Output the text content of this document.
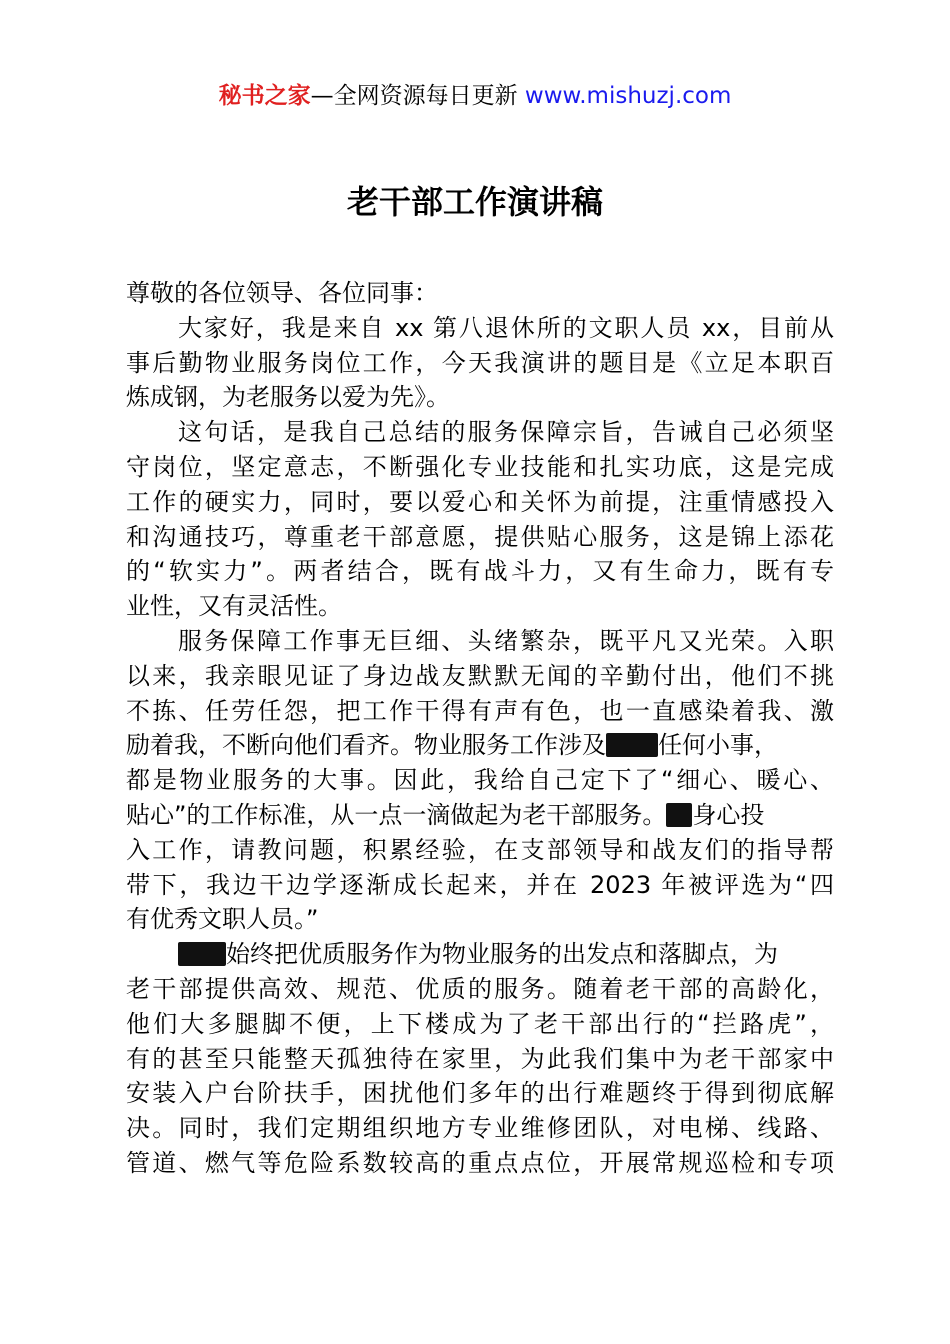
秘书之家—全网资源每日更新 www.mishuzj.com
老干部工作演讲稿
尊敬的各位领导、各位同事：
大家好，我是来自 xx 第八退休所的文职人员 xx，目前从
事后勤物业服务岗位工作，今天我演讲的题目是《立足本职百
炼成钢，为老服务以爱为先》。
这句话，是我自己总结的服务保障宗旨，告诫自己必须坚
守岗位，坚定意志，不断强化专业技能和扎实功底，这是完成
工作的硬实力，同时，要以爱心和关怀为前提，注重情感投入
和沟通技巧，尊重老干部意愿，提供贴心服务，这是锦上添花
的“软实力”。两者结合，既有战斗力，又有生命力，既有专
业性，又有灵活性。
服务保障工作事无巨细、头绪繁杂，既平凡又光荣。入职
以来，我亲眼见证了身边战友默默无闻的辛勤付出，他们不挑
不拣、任劳任怨，把工作干得有声有色，也一直感染着我、激
励着我，不断向他们看齐。物业服务工作涉及 任何小事，
都是物业服务的大事。因此，我给自己定下了“细心、暖心、
贴心”的工作标准，从一点一滴做起为老干部服务。 身心投
入工作，请教问题，积累经验，在支部领导和战友们的指导帮
带下，我边干边学逐渐成长起来，并在 2023 年被评选为“四
有优秀文职人员。”
始终把优质服务作为物业服务的出发点和落脚点，为
老干部提供高效、规范、优质的服务。随着老干部的高龄化，
他们大多腿脚不便，上下楼成为了老干部出行的“拦路虎”，
有的甚至只能整天孤独待在家里，为此我们集中为老干部家中
安装入户台阶扶手，困扰他们多年的出行难题终于得到彻底解
决。同时，我们定期组织地方专业维修团队，对电梯、线路、
管道、燃气等危险系数较高的重点点位，开展常规巡检和专项
